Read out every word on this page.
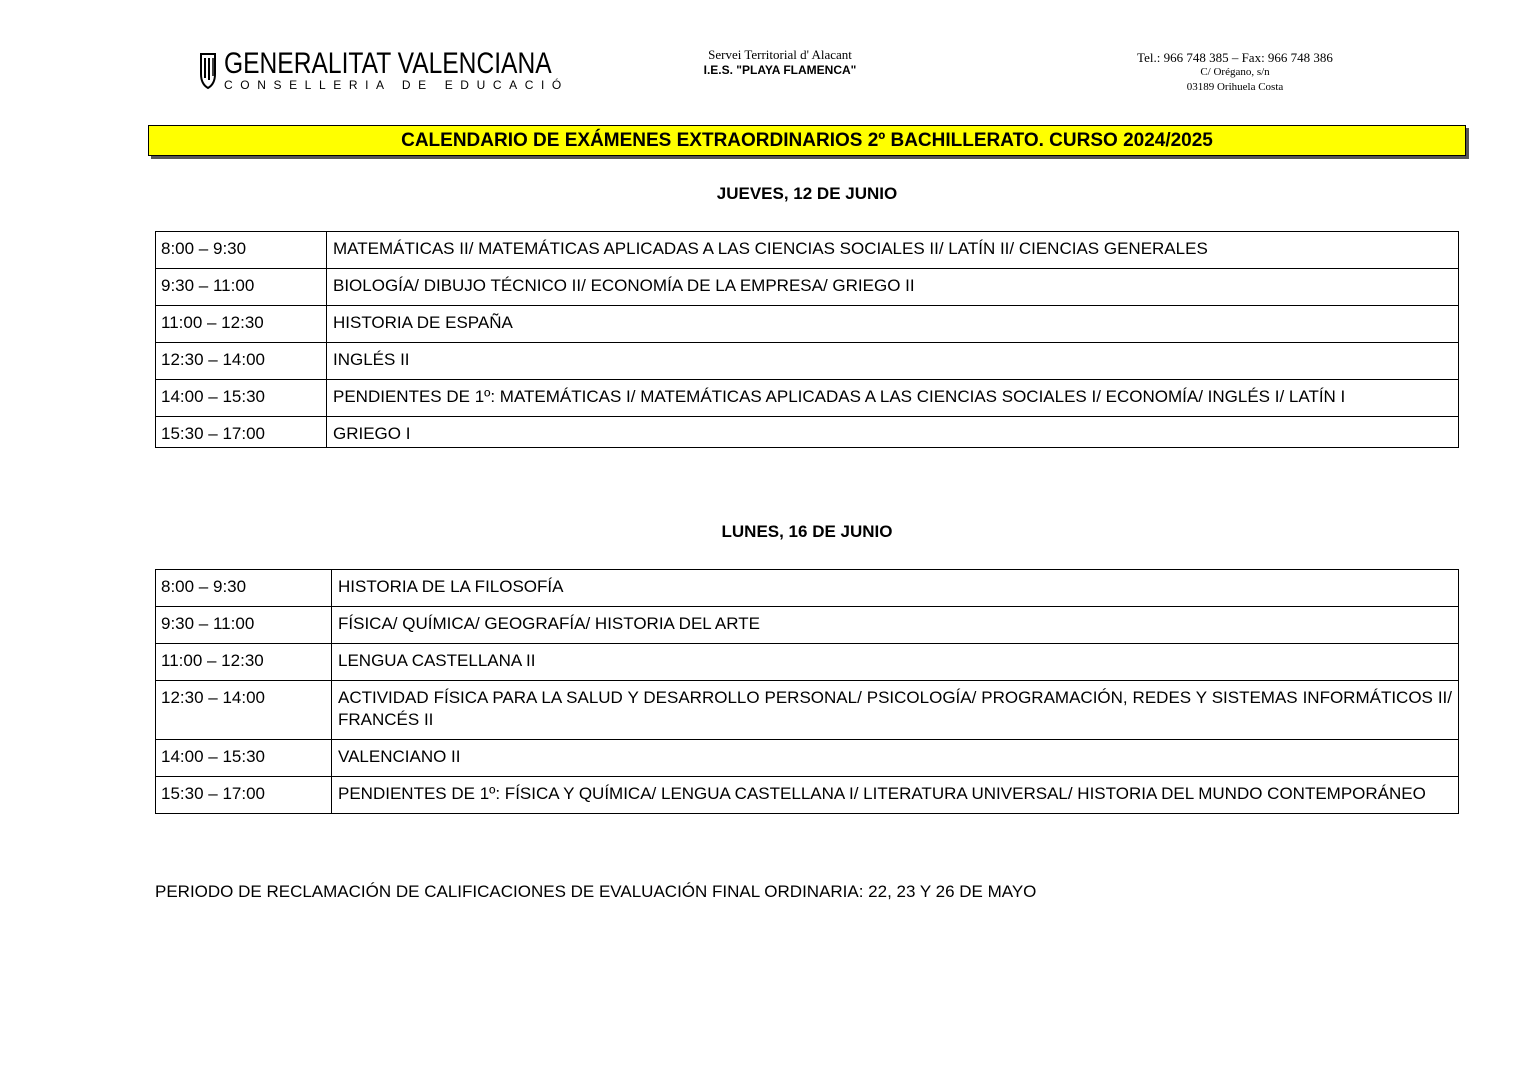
GENERALITAT VALENCIANA
CONSELLERIA DE EDUCACIÓ
Servei Territorial d' Alacant
I.E.S. "PLAYA FLAMENCA"
Tel.: 966 748 385 – Fax: 966 748 386
C/ Orégano, s/n
03189 Orihuela Costa
CALENDARIO DE EXÁMENES EXTRAORDINARIOS 2º BACHILLERATO. CURSO 2024/2025
JUEVES, 12 DE JUNIO
8:00 – 9:30	MATEMÁTICAS II/ MATEMÁTICAS APLICADAS A LAS CIENCIAS SOCIALES II/ LATÍN II/ CIENCIAS GENERALES
9:30 – 11:00	BIOLOGÍA/ DIBUJO TÉCNICO II/ ECONOMÍA DE LA EMPRESA/ GRIEGO II
11:00 – 12:30	HISTORIA DE ESPAÑA
12:30 – 14:00	INGLÉS II
14:00 – 15:30	PENDIENTES DE 1º: MATEMÁTICAS I/ MATEMÁTICAS APLICADAS A LAS CIENCIAS SOCIALES I/ ECONOMÍA/ INGLÉS I/ LATÍN I
15:30 – 17:00	GRIEGO I
LUNES, 16 DE JUNIO
8:00 – 9:30	HISTORIA DE LA FILOSOFÍA
9:30 – 11:00	FÍSICA/ QUÍMICA/ GEOGRAFÍA/ HISTORIA DEL ARTE
11:00 – 12:30	LENGUA CASTELLANA II
12:30 – 14:00	ACTIVIDAD FÍSICA PARA LA SALUD Y DESARROLLO PERSONAL/ PSICOLOGÍA/ PROGRAMACIÓN, REDES Y SISTEMAS INFORMÁTICOS II/ FRANCÉS II
14:00 – 15:30	VALENCIANO II
15:30 – 17:00	PENDIENTES DE 1º: FÍSICA Y QUÍMICA/ LENGUA CASTELLANA I/ LITERATURA UNIVERSAL/ HISTORIA DEL MUNDO CONTEMPORÁNEO
PERIODO DE RECLAMACIÓN DE CALIFICACIONES DE EVALUACIÓN FINAL ORDINARIA: 22, 23 Y 26 DE MAYO
